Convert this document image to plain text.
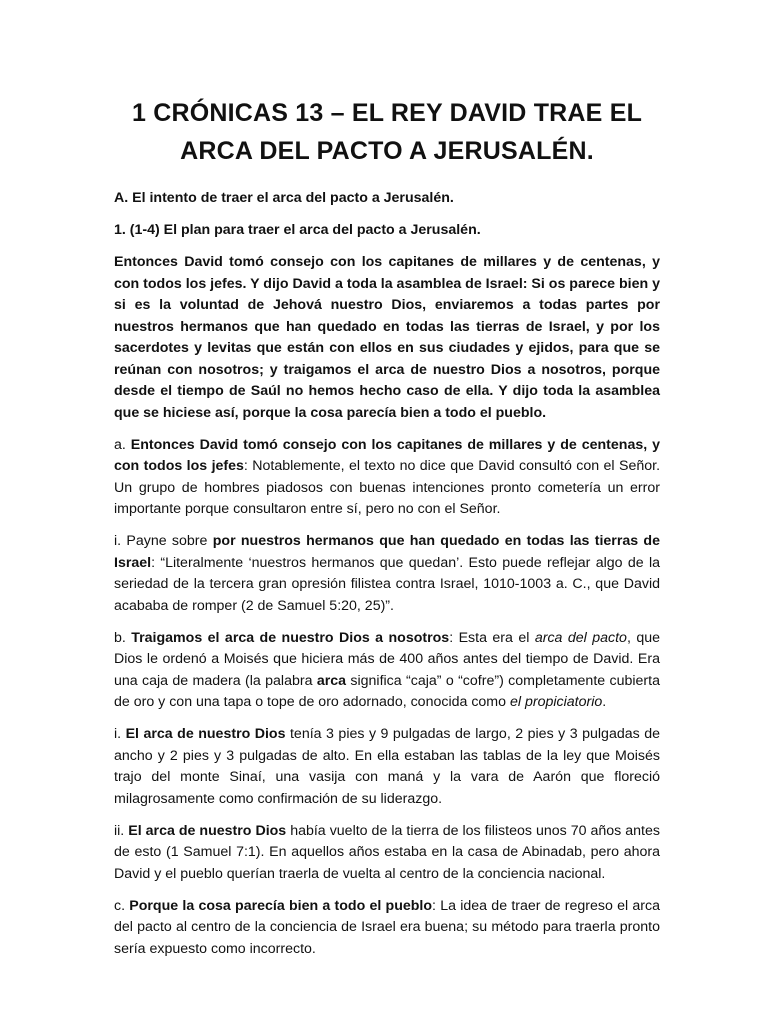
1 CRÓNICAS 13 – EL REY DAVID TRAE EL ARCA DEL PACTO A JERUSALÉN.

A. El intento de traer el arca del pacto a Jerusalén.

1. (1-4) El plan para traer el arca del pacto a Jerusalén.

Entonces David tomó consejo con los capitanes de millares y de centenas, y con todos los jefes. Y dijo David a toda la asamblea de Israel: Si os parece bien y si es la voluntad de Jehová nuestro Dios, enviaremos a todas partes por nuestros hermanos que han quedado en todas las tierras de Israel, y por los sacerdotes y levitas que están con ellos en sus ciudades y ejidos, para que se reúnan con nosotros; y traigamos el arca de nuestro Dios a nosotros, porque desde el tiempo de Saúl no hemos hecho caso de ella. Y dijo toda la asamblea que se hiciese así, porque la cosa parecía bien a todo el pueblo.

a. Entonces David tomó consejo con los capitanes de millares y de centenas, y con todos los jefes: Notablemente, el texto no dice que David consultó con el Señor. Un grupo de hombres piadosos con buenas intenciones pronto cometería un error importante porque consultaron entre sí, pero no con el Señor.

i. Payne sobre por nuestros hermanos que han quedado en todas las tierras de Israel: “Literalmente ‘nuestros hermanos que quedan’. Esto puede reflejar algo de la seriedad de la tercera gran opresión filistea contra Israel, 1010-1003 a. C., que David acababa de romper (2 de Samuel 5:20, 25)”.

b. Traigamos el arca de nuestro Dios a nosotros: Esta era el arca del pacto, que Dios le ordenó a Moisés que hiciera más de 400 años antes del tiempo de David. Era una caja de madera (la palabra arca significa “caja” o “cofre”) completamente cubierta de oro y con una tapa o tope de oro adornado, conocida como el propiciatorio.

i. El arca de nuestro Dios tenía 3 pies y 9 pulgadas de largo, 2 pies y 3 pulgadas de ancho y 2 pies y 3 pulgadas de alto. En ella estaban las tablas de la ley que Moisés trajo del monte Sinaí, una vasija con maná y la vara de Aarón que floreció milagrosamente como confirmación de su liderazgo.

ii. El arca de nuestro Dios había vuelto de la tierra de los filisteos unos 70 años antes de esto (1 Samuel 7:1). En aquellos años estaba en la casa de Abinadab, pero ahora David y el pueblo querían traerla de vuelta al centro de la conciencia nacional.

c. Porque la cosa parecía bien a todo el pueblo: La idea de traer de regreso el arca del pacto al centro de la conciencia de Israel era buena; su método para traerla pronto sería expuesto como incorrecto.
